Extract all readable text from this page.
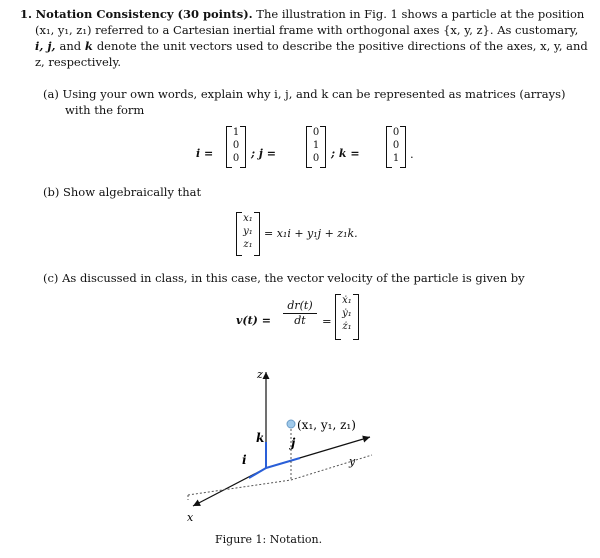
1. Notation Consistency (30 points). The illustration in Fig. 1 shows a particle at the position
(x₁, y₁, z₁) referred to a Cartesian inertial frame with orthogonal axes {x, y, z}. As customary,
i, j, and k denote the unit vectors used to describe the positive directions of the axes, x, y, and
z, respectively.
(a) Using your own words, explain why i, j, and k can be represented as matrices (arrays)
with the form
i =
1
0
0	; j =
0
1
0	; k =
0
0
1 .
(b) Show algebraically that
x₁
y₁
z₁
= x₁i + y₁j + z₁k.
(c) As discussed in class, in this case, the vector velocity of the particle is given by
$v(t) = \frac{dr(t)}{dt}$ =
ẋ₁
ẏ₁
ż₁
z
y
x
k j
i
(x₁, y₁, z₁)
Figure 1: Notation.
